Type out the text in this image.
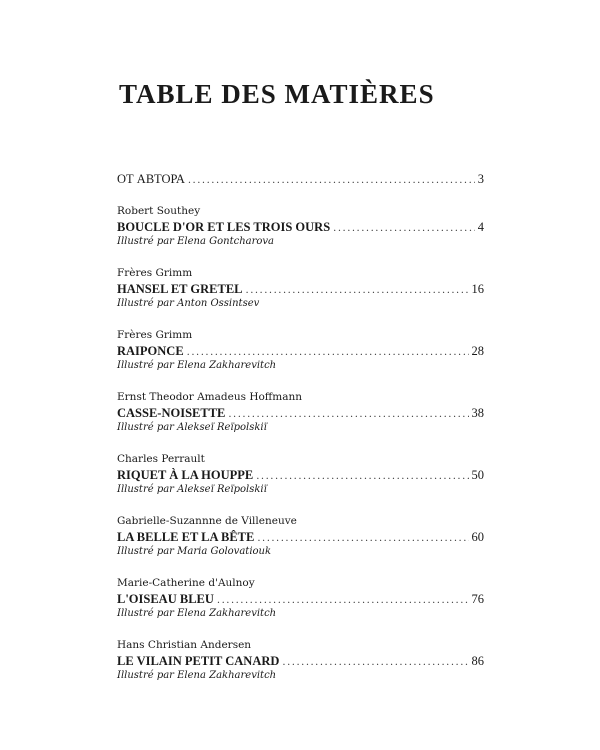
TABLE DES MATIÈRES
ОТ АВТОРА .....	3
Robert Southey
BOUCLE D'OR ET LES TROIS OURS .....	4
Illustré par Elena Gontcharova
Frères Grimm
HANSEL ET GRETEL .....	16
Illustré par Anton Ossintsev
Frères Grimm
RAIPONCE .....	28
Illustré par Elena Zakharevitch
Ernst Theodor Amadeus Hoffmann
CASSE-NOISETTE .....	38
Illustré par Alekseï Reïpolskiï
Charles Perrault
RIQUET À LA HOUPPE .....	50
Illustré par Alekseï Reïpolskiï
Gabrielle-Suzannne de Villeneuve
LA BELLE ET LA BÊTE .....	60
Illustré par Maria Golovatiouk
Marie-Catherine d'Aulnoy
L'OISEAU BLEU .....	76
Illustré par Elena Zakharevitch
Hans Christian Andersen
LE VILAIN PETIT CANARD .....	86
Illustré par Elena Zakharevitch
